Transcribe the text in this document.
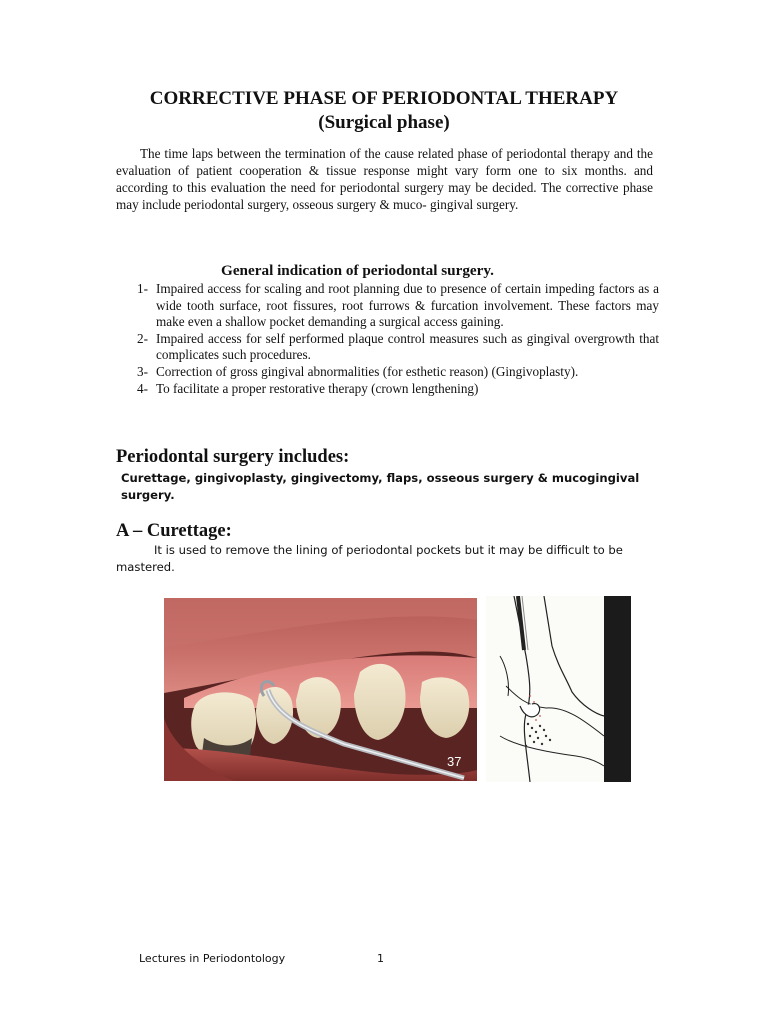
CORRECTIVE PHASE OF PERIODONTAL THERAPY
(Surgical phase)

The time laps between the termination of the cause related phase of periodontal therapy and the evaluation of patient cooperation & tissue response might vary form one to six months. and according to this evaluation the need for periodontal surgery may be decided. The corrective phase may include periodontal surgery, osseous surgery & muco- gingival surgery.

General indication of periodontal surgery.
1- Impaired access for scaling and root planning due to presence of certain impeding factors as a wide tooth surface, root fissures, root furrows & furcation involvement. These factors may make even a shallow pocket demanding a surgical access gaining.
2- Impaired access for self performed plaque control measures such as gingival overgrowth that complicates such procedures.
3- Correction of gross gingival abnormalities (for esthetic reason) (Gingivoplasty).
4- To facilitate a proper restorative therapy (crown lengthening)
Periodontal surgery includes:

Curettage, gingivoplasty, gingivectomy, flaps, osseous surgery & mucogingival surgery.

A – Curettage:

It is used to remove the lining of periodontal pockets but it may be difficult to be mastered.

37
Lectures in Periodontology	1
